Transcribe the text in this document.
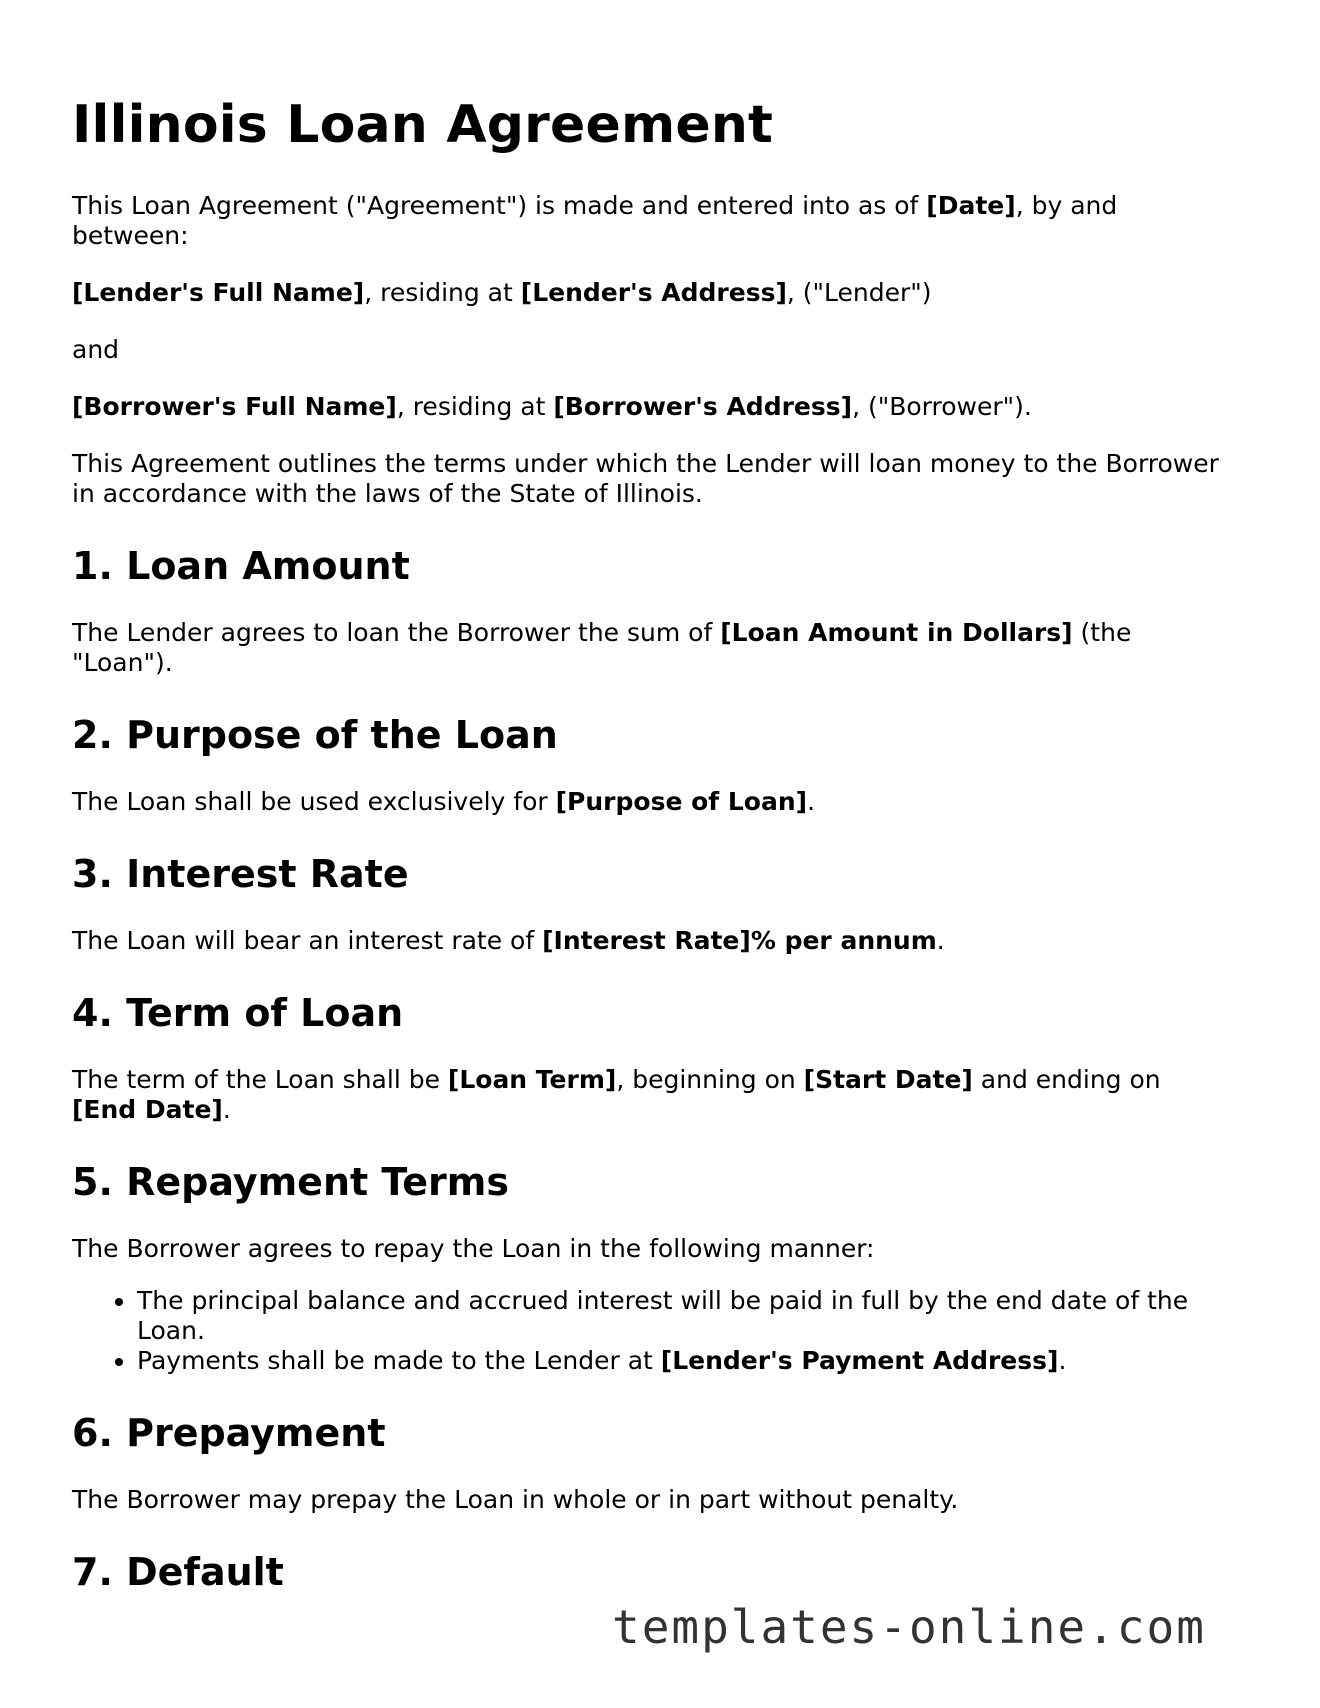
Illinois Loan Agreement

This Loan Agreement ("Agreement") is made and entered into as of [Date], by and between:

[Lender's Full Name], residing at [Lender's Address], ("Lender")

and

[Borrower's Full Name], residing at [Borrower's Address], ("Borrower").

This Agreement outlines the terms under which the Lender will loan money to the Borrower in accordance with the laws of the State of Illinois.

1. Loan Amount

The Lender agrees to loan the Borrower the sum of [Loan Amount in Dollars] (the "Loan").

2. Purpose of the Loan

The Loan shall be used exclusively for [Purpose of Loan].

3. Interest Rate

The Loan will bear an interest rate of [Interest Rate]% per annum.

4. Term of Loan

The term of the Loan shall be [Loan Term], beginning on [Start Date] and ending on [End Date].

5. Repayment Terms

The Borrower agrees to repay the Loan in the following manner:

• The principal balance and accrued interest will be paid in full by the end date of the Loan.
• Payments shall be made to the Lender at [Lender's Payment Address].
6. Prepayment

The Borrower may prepay the Loan in whole or in part without penalty.

7. Default
templates-online.com
